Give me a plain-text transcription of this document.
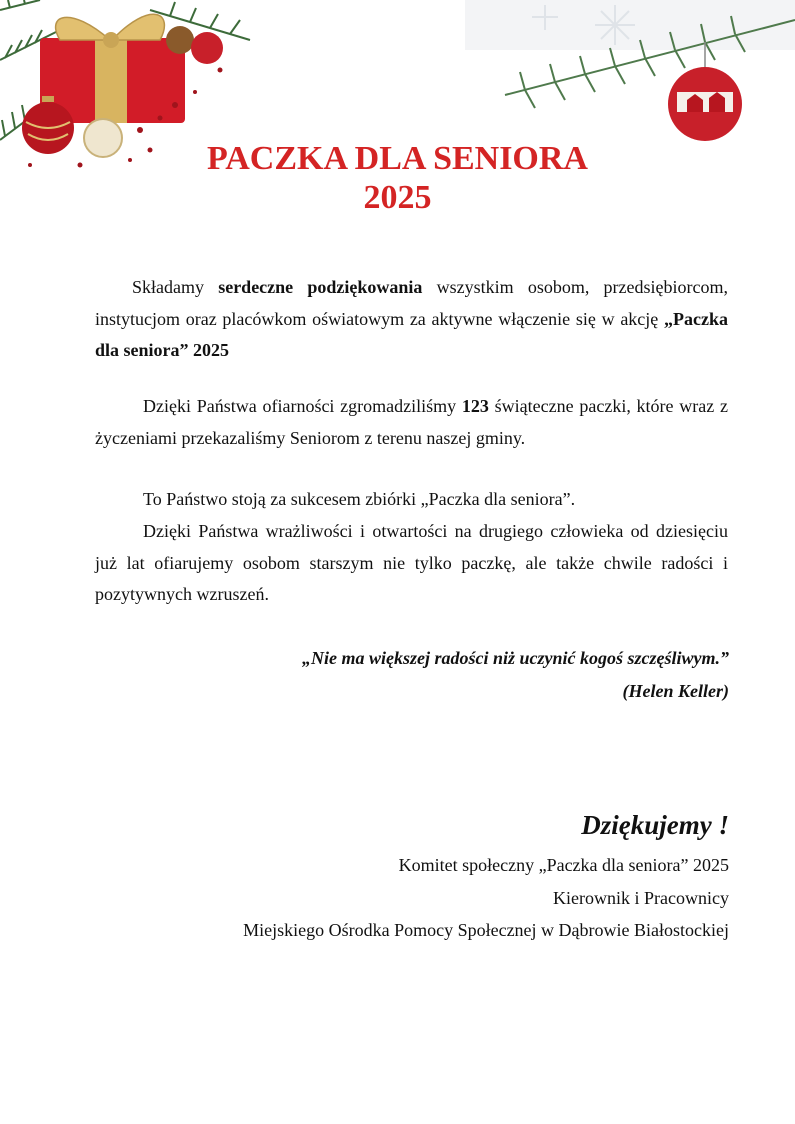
PACZKA DLA SENIORA
2025

Składamy serdeczne podziękowania wszystkim osobom, przedsiębiorcom, instytucjom oraz placówkom oświatowym za aktywne włączenie się w akcję „Paczka dla seniora” 2025

Dzięki Państwa ofiarności zgromadziliśmy 123 świąteczne paczki, które wraz z życzeniami przekazaliśmy Seniorom z terenu naszej gminy.

To Państwo stoją za sukcesem zbiórki „Paczka dla seniora”.

Dzięki Państwa wrażliwości i otwartości na drugiego człowieka od dziesięciu już lat ofiarujemy osobom starszym nie tylko paczkę, ale także chwile radości i pozytywnych wzruszeń.

„Nie ma większej radości niż uczynić kogoś szczęśliwym.”

(Helen Keller)

Dziękujemy !

Komitet społeczny „Paczka dla seniora” 2025

Kierownik i Pracownicy

Miejskiego Ośrodka Pomocy Społecznej w Dąbrowie Białostockiej
